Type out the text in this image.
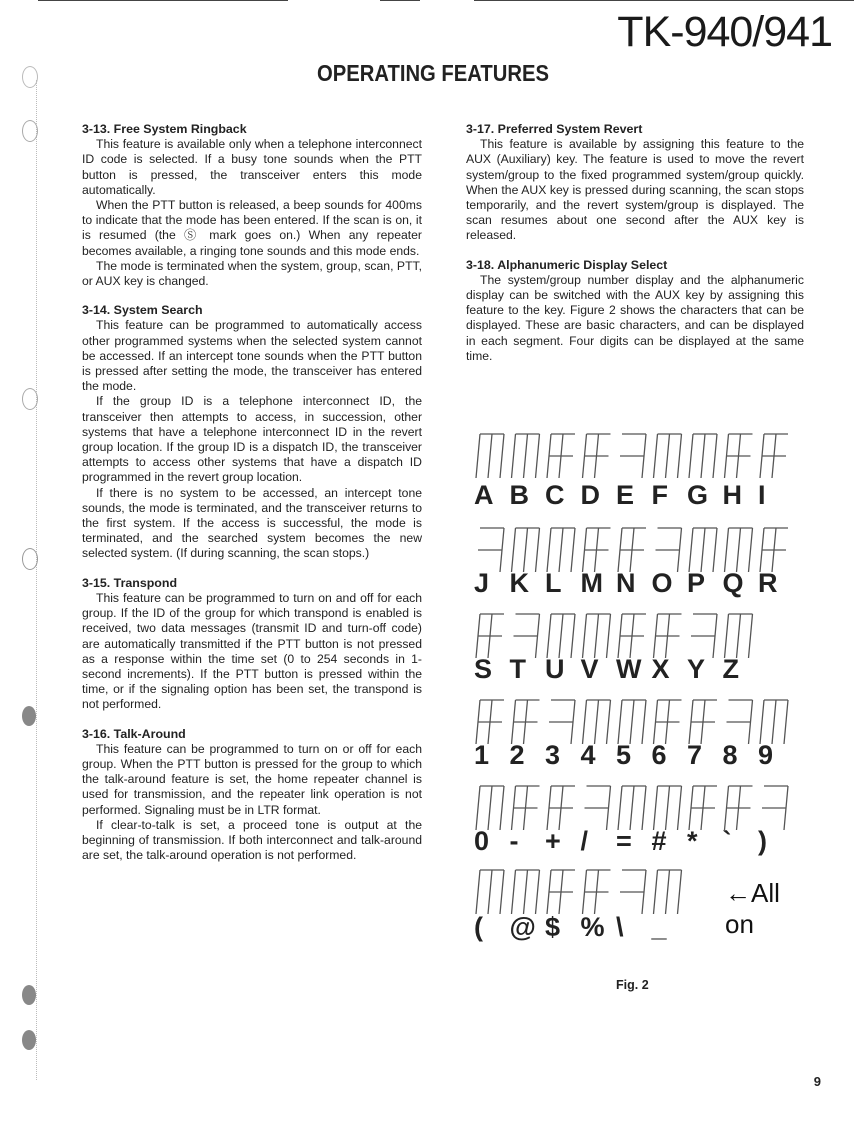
TK-940/941
OPERATING FEATURES
3-13. Free System Ringback

This feature is available only when a telephone interconnect ID code is selected. If a busy tone sounds when the PTT button is pressed, the transceiver enters this mode automatically.

When the PTT button is released, a beep sounds for 400ms to indicate that the mode has been entered. If the scan is on, it is resumed (the Ⓢ mark goes on.) When any repeater becomes available, a ringing tone sounds and this mode ends.

The mode is terminated when the system, group, scan, PTT, or AUX key is changed.

3-14. System Search

This feature can be programmed to automatically access other programmed systems when the selected system cannot be accessed. If an intercept tone sounds when the PTT button is pressed after setting the mode, the transceiver has entered the mode.

If the group ID is a telephone interconnect ID, the transceiver then attempts to access, in succession, other systems that have a telephone interconnect ID in the revert group location. If the group ID is a dispatch ID, the transceiver attempts to access other systems that have a dispatch ID programmed in the revert group location.

If there is no system to be accessed, an intercept tone sounds, the mode is terminated, and the transceiver returns to the first system. If the access is successful, the mode is terminated, and the searched system becomes the new selected system. (If during scanning, the scan stops.)

3-15. Transpond

This feature can be programmed to turn on and off for each group. If the ID of the group for which transpond is enabled is received, two data messages (transmit ID and turn-off code) are automatically transmitted if the PTT button is not pressed as a response within the time set (0 to 254 seconds in 1-second increments). If the PTT button is pressed within the time, or if the signaling option has been set, the transpond is not performed.

3-16. Talk-Around

This feature can be programmed to turn on or off for each group. When the PTT button is pressed for the group to which the talk-around feature is set, the home repeater channel is used for transmission, and the repeater link operation is not performed. Signaling must be in LTR format.

If clear-to-talk is set, a proceed tone is output at the beginning of transmission. If both interconnect and talk-around are set, the talk-around operation is not performed.

3-17. Preferred System Revert

This feature is available by assigning this feature to the AUX (Auxiliary) key. The feature is used to move the revert system/group to the fixed programmed system/group quickly. When the AUX key is pressed during scanning, the scan stops temporarily, and the revert system/group is displayed. The scan resumes about one second after the AUX key is released.

3-18. Alphanumeric Display Select

The system/group number display and the alphanumeric display can be switched with the AUX key by assigning this feature to the key. Figure 2 shows the characters that can be displayed. These are basic characters, and can be displayed in each segment. Four digits can be displayed at the same time.

A B C D E F G H I
J K L M N O P Q R
S T U V W X Y Z
1 2 3 4 5 6 7 8 9
0 - + /	= # * ` )
←All on
( @ $ % \	_
Fig. 2
9
